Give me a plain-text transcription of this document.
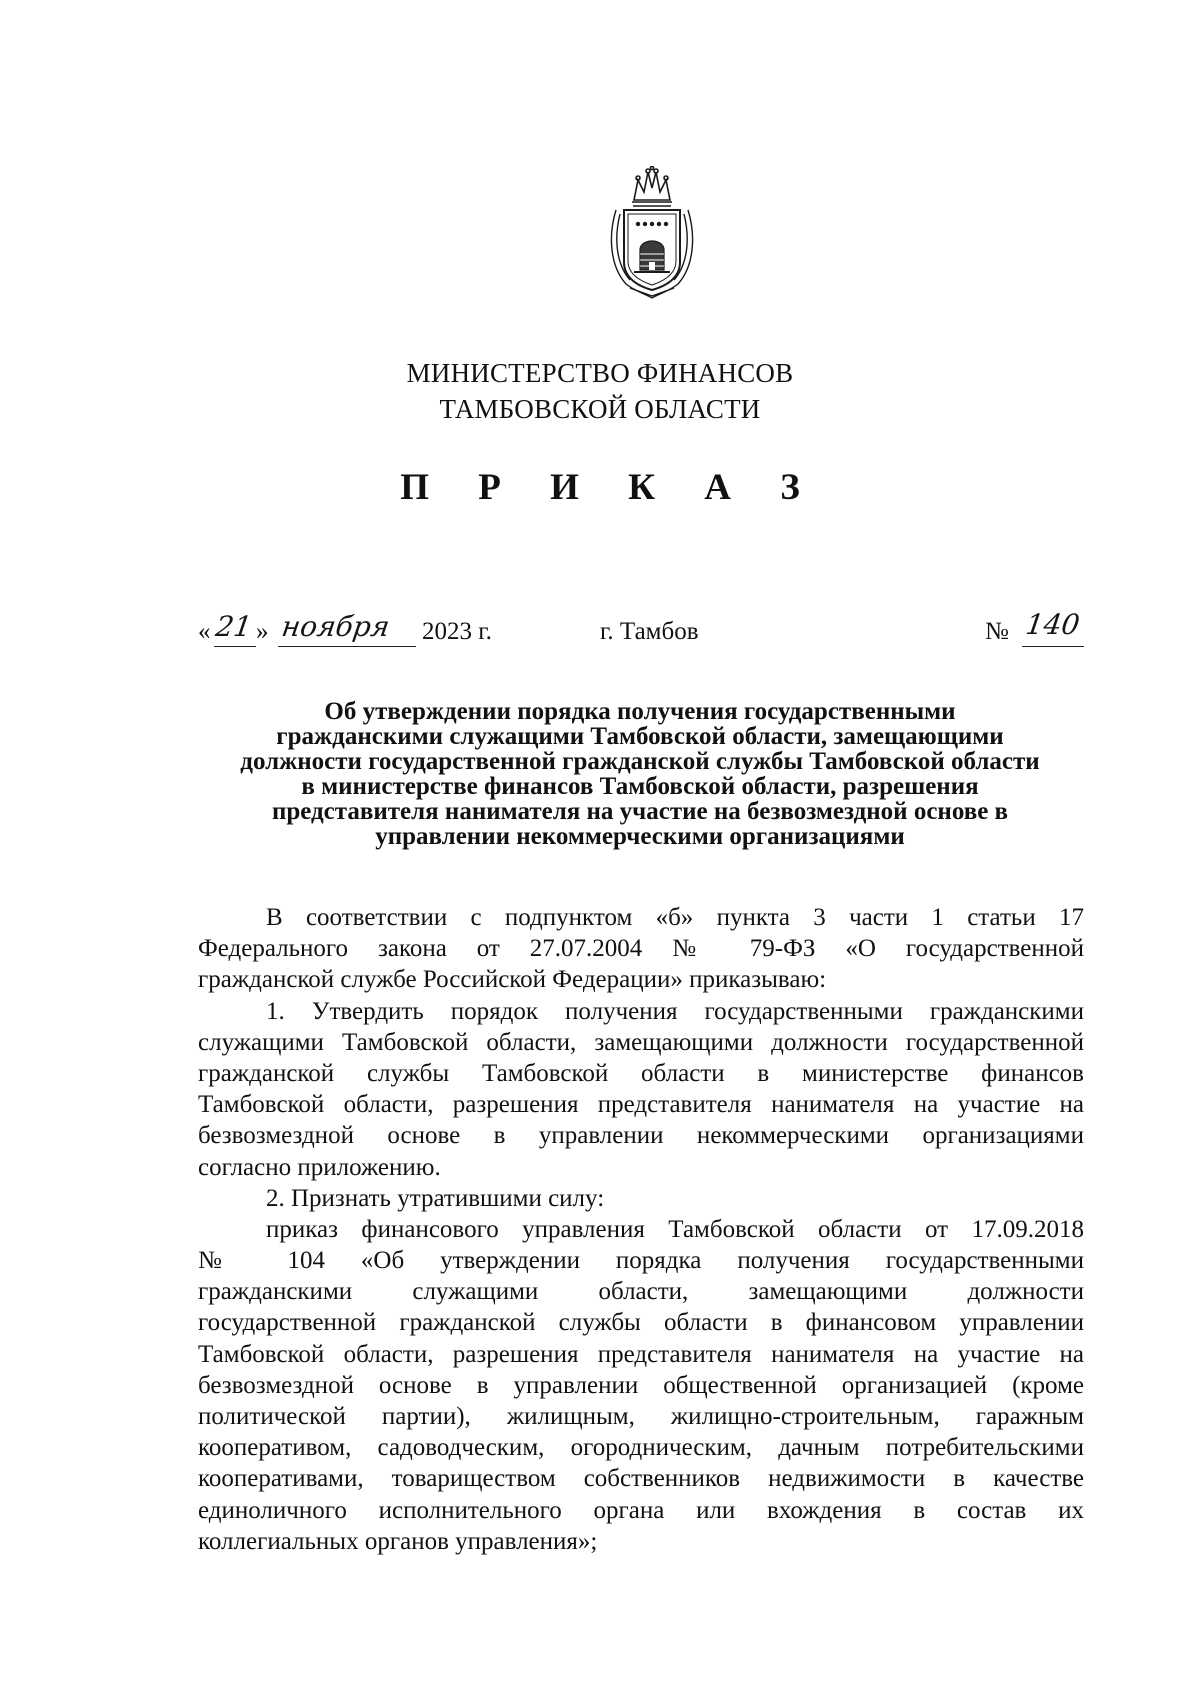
МИНИСТЕРСТВО ФИНАНСОВ
ТАМБОВСКОЙ ОБЛАСТИ
П Р И К А З
« 21 » ноября 2023 г.	г. Тамбов	№ 140
Об утверждении порядка получения государственными
гражданскими служащими Тамбовской области, замещающими
должности государственной гражданской службы Тамбовской области
в министерстве финансов Тамбовской области, разрешения
представителя нанимателя на участие на безвозмездной основе в
управлении некоммерческими организациями
В соответствии с подпунктом «б» пункта 3 части 1 статьи 17
Федерального закона от 27.07.2004 № 79-ФЗ «О государственной
гражданской службе Российской Федерации» приказываю:
1. Утвердить порядок получения государственными гражданскими
служащими Тамбовской области, замещающими должности государственной
гражданской службы Тамбовской области в министерстве финансов
Тамбовской области, разрешения представителя нанимателя на участие на
безвозмездной основе в управлении некоммерческими организациями
согласно приложению.
2. Признать утратившими силу:
приказ финансового управления Тамбовской области от 17.09.2018
№ 104 «Об утверждении порядка получения государственными
гражданскими служащими области, замещающими должности
государственной гражданской службы области в финансовом управлении
Тамбовской области, разрешения представителя нанимателя на участие на
безвозмездной основе в управлении общественной организацией (кроме
политической партии), жилищным, жилищно-строительным, гаражным
кооперативом, садоводческим, огородническим, дачным потребительскими
кооперативами, товариществом собственников недвижимости в качестве
единоличного исполнительного органа или вхождения в состав их
коллегиальных органов управления»;
